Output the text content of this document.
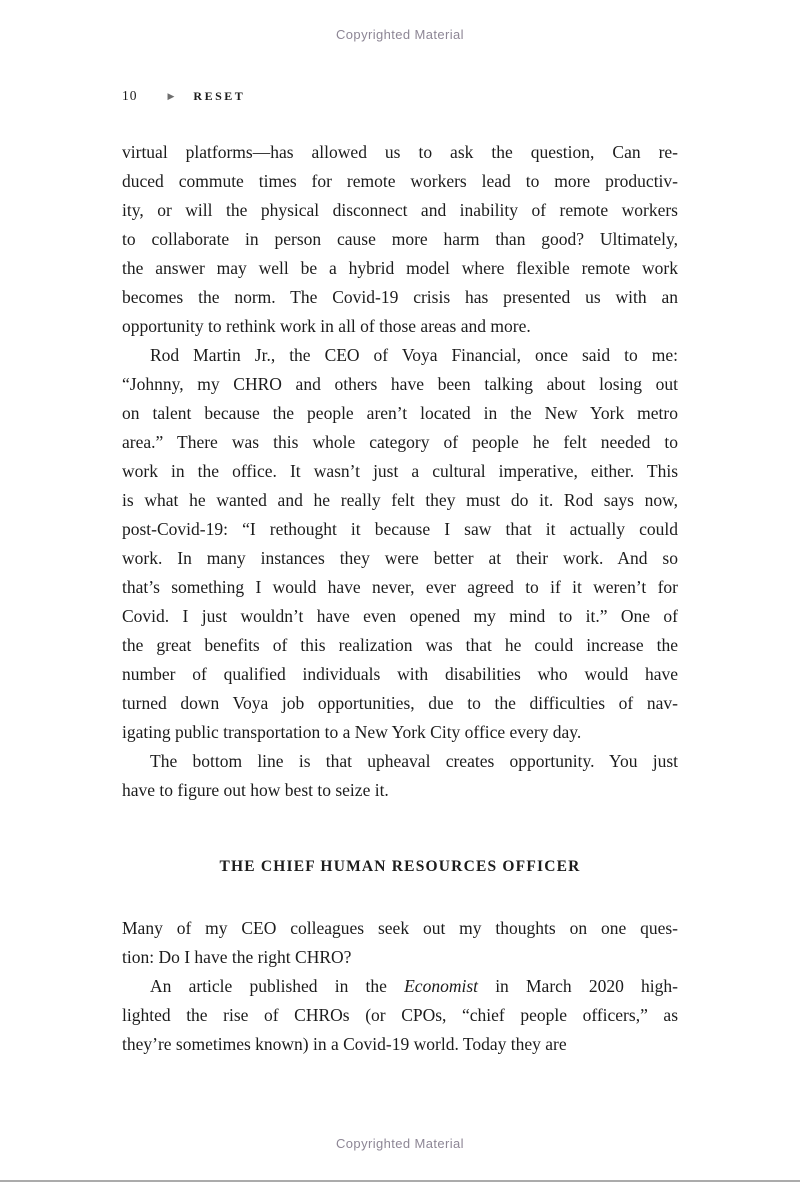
Copyrighted Material
10	▶ RESET
virtual platforms—has allowed us to ask the question, Can re-
duced commute times for remote workers lead to more productiv-
ity, or will the physical disconnect and inability of remote workers
to collaborate in person cause more harm than good? Ultimately,
the answer may well be a hybrid model where flexible remote work
becomes the norm. The Covid-19 crisis has presented us with an
opportunity to rethink work in all of those areas and more.
Rod Martin Jr., the CEO of Voya Financial, once said to me:
“Johnny, my CHRO and others have been talking about losing out
on talent because the people aren’t located in the New York metro
area.” There was this whole category of people he felt needed to
work in the office. It wasn’t just a cultural imperative, either. This
is what he wanted and he really felt they must do it. Rod says now,
post-Covid-19: “I rethought it because I saw that it actually could
work. In many instances they were better at their work. And so
that’s something I would have never, ever agreed to if it weren’t for
Covid. I just wouldn’t have even opened my mind to it.” One of
the great benefits of this realization was that he could increase the
number of qualified individuals with disabilities who would have
turned down Voya job opportunities, due to the difficulties of nav-
igating public transportation to a New York City office every day.
The bottom line is that upheaval creates opportunity. You just
have to figure out how best to seize it.
THE CHIEF HUMAN RESOURCES OFFICER
Many of my CEO colleagues seek out my thoughts on one ques-
tion: Do I have the right CHRO?
An article published in the Economist in March 2020 high-
lighted the rise of CHROs (or CPOs, “chief people officers,” as
they’re sometimes known) in a Covid-19 world. Today they are
Copyrighted Material
